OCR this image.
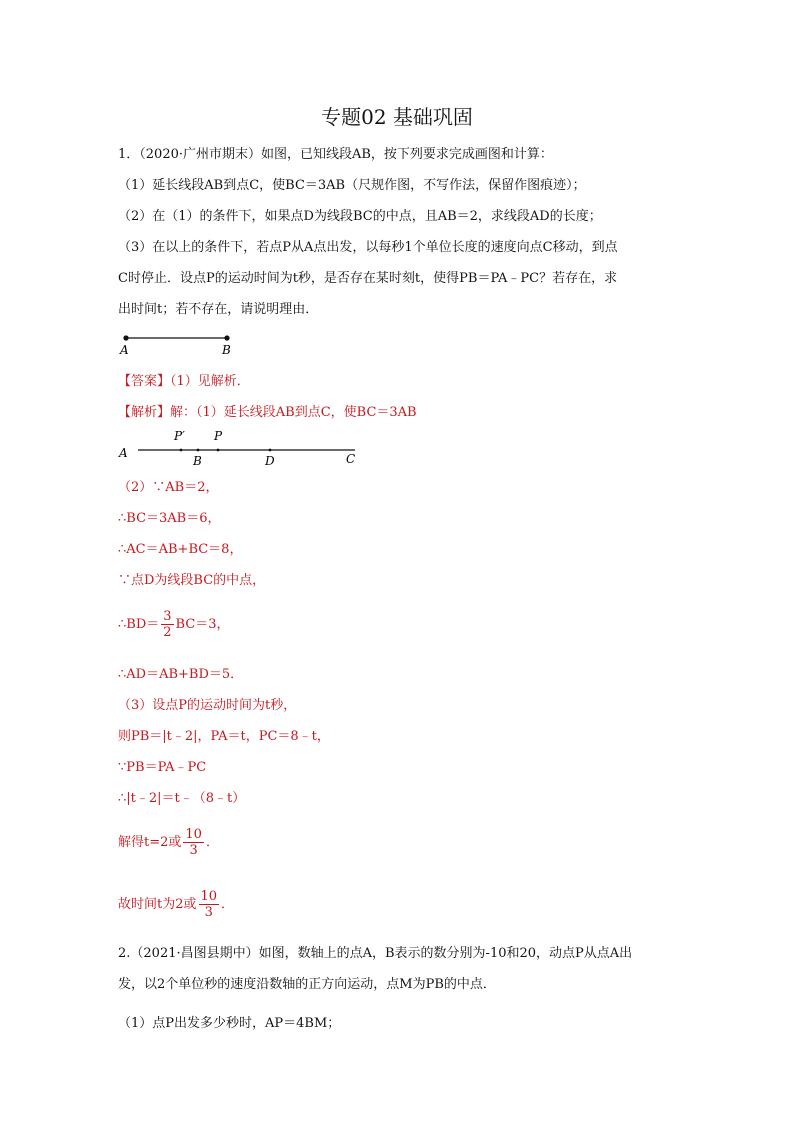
专题02 基础巩固
1．（2020·广州市期末）如图，已知线段AB，按下列要求完成画图和计算：
（1）延长线段AB到点C，使BC＝3AB（尺规作图，不写作法，保留作图痕迹）；
（2）在（1）的条件下，如果点D为线段BC的中点，且AB＝2，求线段AD的长度；
（3）在以上的条件下，若点P从A点出发，以每秒1个单位长度的速度向点C移动，到点
C时停止．设点P的运动时间为t秒，是否存在某时刻t，使得PB＝PA﹣PC？若存在，求
出时间t；若不存在，请说明理由．
A	B
【答案】（1）见解析．
【解析】解：（1）延长线段AB到点C，使BC＝3AB
A
P′ P
B	D	C
（2）∵AB＝2，
∴BC＝3AB＝6，
∴AC＝AB+BC＝8，
∵点D为线段BC的中点，
∴BD＝ $\frac{3}{2} BC=3$，
∴AD＝AB+BD＝5．
（3）设点P的运动时间为t秒，
则PB＝|t﹣2|，PA＝t，PC＝8﹣t，
∵PB＝PA﹣PC
∴|t﹣2|＝t﹣（8﹣t）
解得t=2或 $\frac{10}{3}$ ．
故时间t为2或 $\frac{10}{3}$ ．
2.（2021·昌图县期中）如图，数轴上的点A，B表示的数分别为-10和20，动点P从点A出
发，以2个单位秒的速度沿数轴的正方向运动，点M为PB的中点．
（1）点P出发多少秒时，AP＝4BM；
